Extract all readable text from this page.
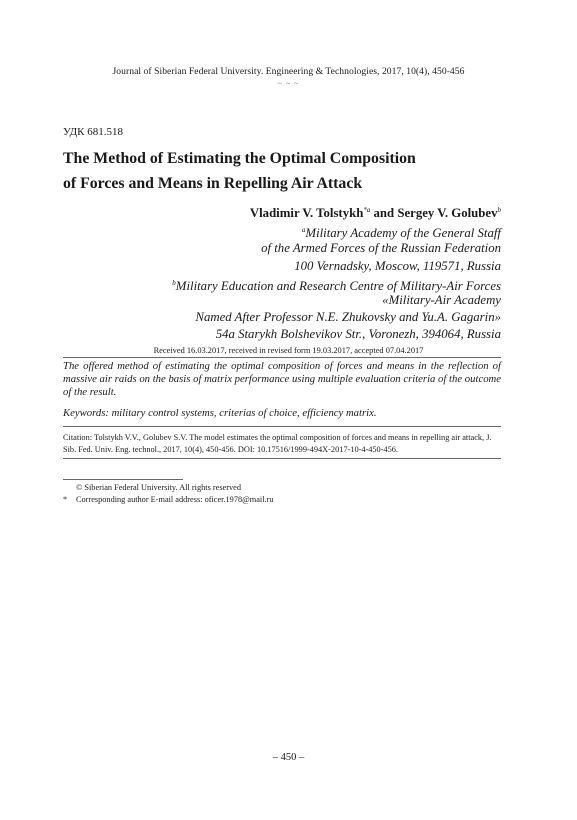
Journal of Siberian Federal University. Engineering & Technologies, 2017, 10(4), 450-456
~ ~ ~
УДК 681.518
The Method of Estimating the Optimal Composition
of Forces and Means in Repelling Air Attack
Vladimir V. Tolstykh$^{*a}$ and Sergey V. Golubev$^b$
$^a$Military Academy of the General Staff
of the Armed Forces of the Russian Federation
100 Vernadsky, Moscow, 119571, Russia
$^b$Military Education and Research Centre of Military-Air Forces
«Military-Air Academy
Named After Professor N.E. Zhukovsky and Yu.A. Gagarin»
54a Starykh Bolshevikov Str., Voronezh, 394064, Russia
Received 16.03.2017, received in revised form 19.03.2017, accepted 07.04.2017
The offered method of estimating the optimal composition of forces and means in the reflection of massive air raids on the basis of matrix performance using multiple evaluation criteria of the outcome of the result.
Keywords: military control systems, criterias of choice, efficiency matrix.
Citation: Tolstykh V.V., Golubev S.V. The model estimates the optimal composition of forces and means in repelling air attack, J. Sib. Fed. Univ. Eng. technol., 2017, 10(4), 450-456. DOI: 10.17516/1999-494X-2017-10-4-450-456.
© Siberian Federal University. All rights reserved
* Corresponding author E-mail address: oficer.1978@mail.ru
– 450 –
